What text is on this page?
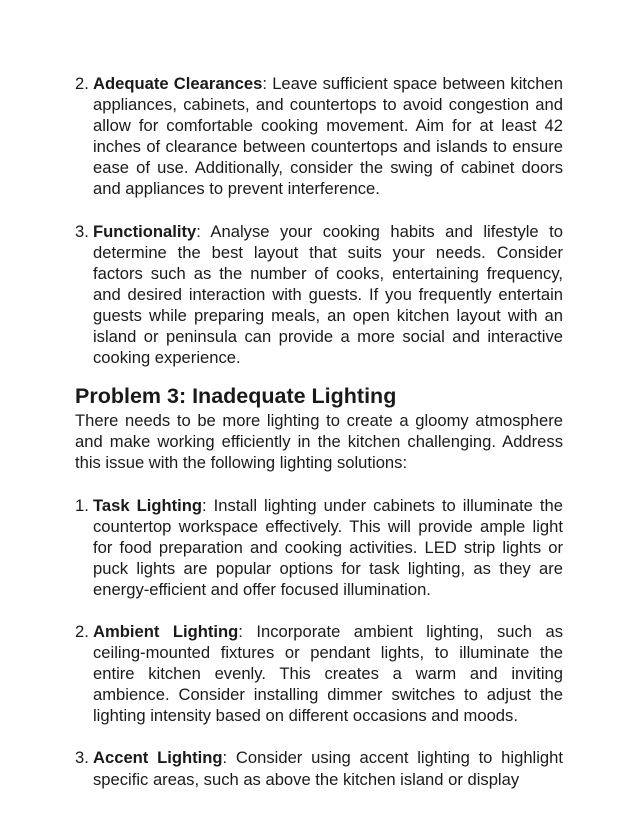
2. Adequate Clearances: Leave sufficient space between kitchen appliances, cabinets, and countertops to avoid congestion and allow for comfortable cooking movement. Aim for at least 42 inches of clearance between countertops and islands to ensure ease of use. Additionally, consider the swing of cabinet doors and appliances to prevent interference.
3. Functionality: Analyse your cooking habits and lifestyle to determine the best layout that suits your needs. Consider factors such as the number of cooks, entertaining frequency, and desired interaction with guests. If you frequently entertain guests while preparing meals, an open kitchen layout with an island or peninsula can provide a more social and interactive cooking experience.
Problem 3: Inadequate Lighting

There needs to be more lighting to create a gloomy atmosphere and make working efficiently in the kitchen challenging. Address this issue with the following lighting solutions:

1. Task Lighting: Install lighting under cabinets to illuminate the countertop workspace effectively. This will provide ample light for food preparation and cooking activities. LED strip lights or puck lights are popular options for task lighting, as they are energy-efficient and offer focused illumination.
2. Ambient Lighting: Incorporate ambient lighting, such as ceiling-mounted fixtures or pendant lights, to illuminate the entire kitchen evenly. This creates a warm and inviting ambience. Consider installing dimmer switches to adjust the lighting intensity based on different occasions and moods.
3. Accent Lighting: Consider using accent lighting to highlight specific areas, such as above the kitchen island or display
